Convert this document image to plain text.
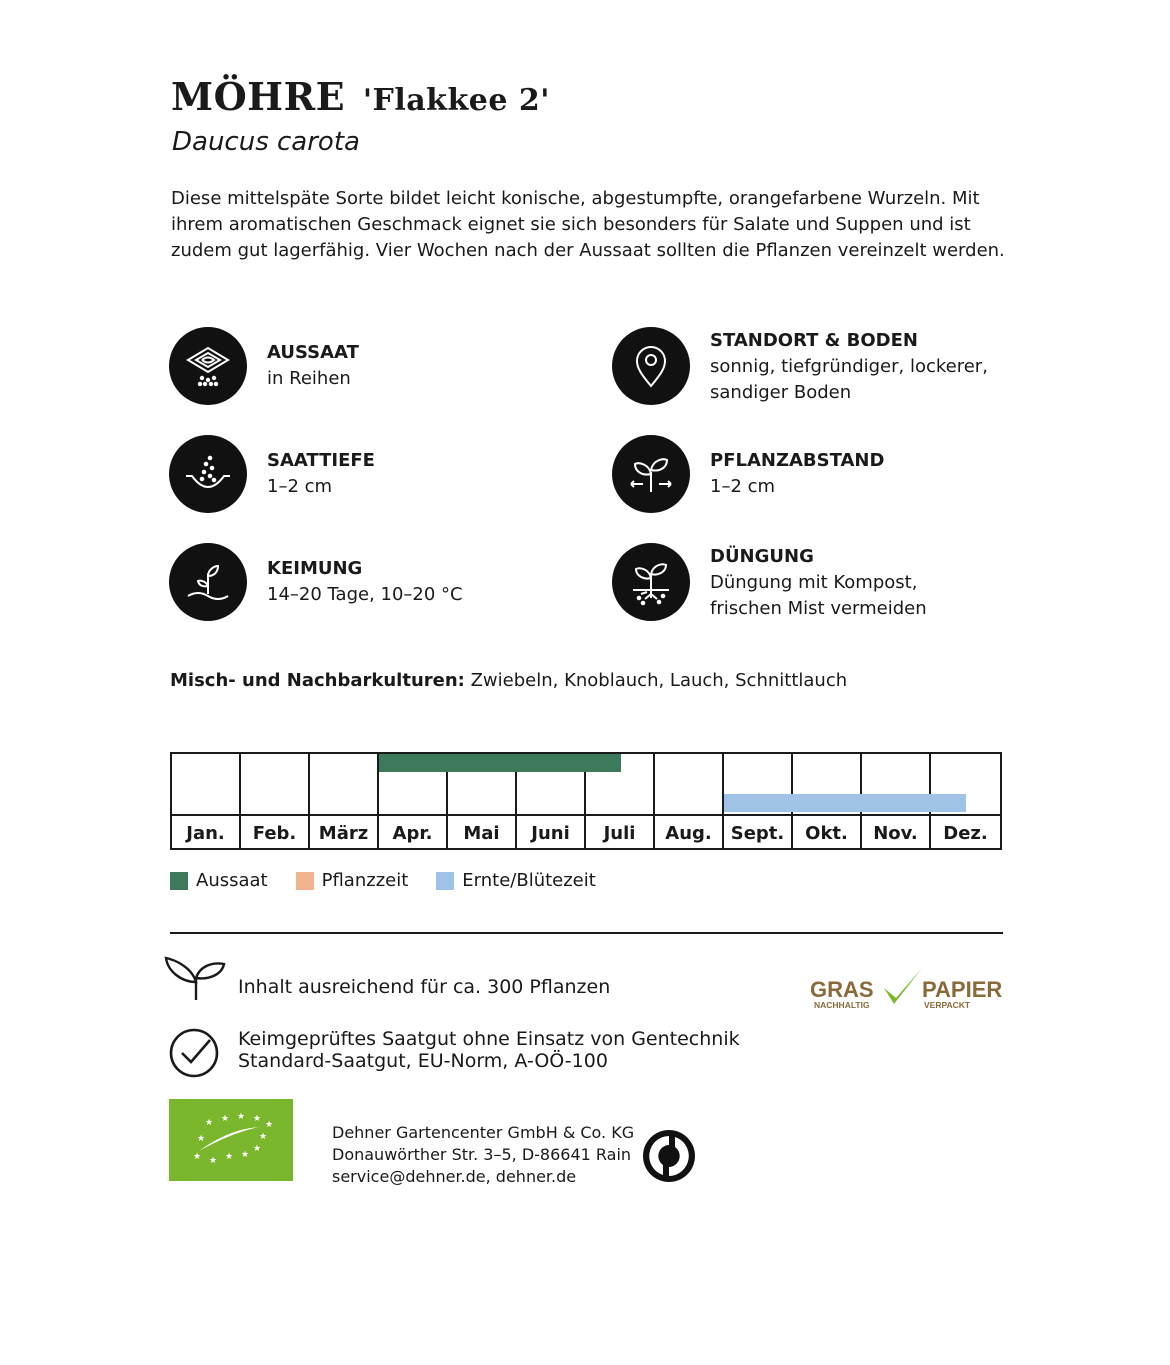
MÖHRE 'Flakkee 2'
Daucus carota
Diese mittelspäte Sorte bildet leicht konische, abgestumpfte, orangefarbene Wurzeln. Mit ihrem aromatischen Geschmack eignet sie sich besonders für Salate und Suppen und ist zudem gut lagerfähig. Vier Wochen nach der Aussaat sollten die Pflanzen vereinzelt werden.
AUSSAAT
in Reihen
STANDORT & BODEN
sonnig, tiefgründiger, lockerer,
sandiger Boden
SAATTIEFE
1–2 cm
PFLANZABSTAND
1–2 cm
KEIMUNG
14–20 Tage, 10–20 °C
DÜNGUNG
Düngung mit Kompost,
frischen Mist vermeiden
Misch- und Nachbarkulturen: Zwiebeln, Knoblauch, Lauch, Schnittlauch
Jan.	Feb.	März	Apr.	Mai	Juni	Juli	Aug.	Sept.	Okt.	Nov.	Dez.
Aussaat	Pflanzzeit	Ernte/Blütezeit
Inhalt ausreichend für ca. 300 Pflanzen
Keimgeprüftes Saatgut ohne Einsatz von Gentechnik
Standard-Saatgut, EU-Norm, A-OÖ-100
GRAS
NACHHALTIG
PAPIER
VERPACKT
★ ★ ★ ★
★
★	★
★ ★ ★ ★
★
Dehner Gartencenter GmbH & Co. KG
Donauwörther Str. 3–5, D-86641 Rain
service@dehner.de, dehner.de
